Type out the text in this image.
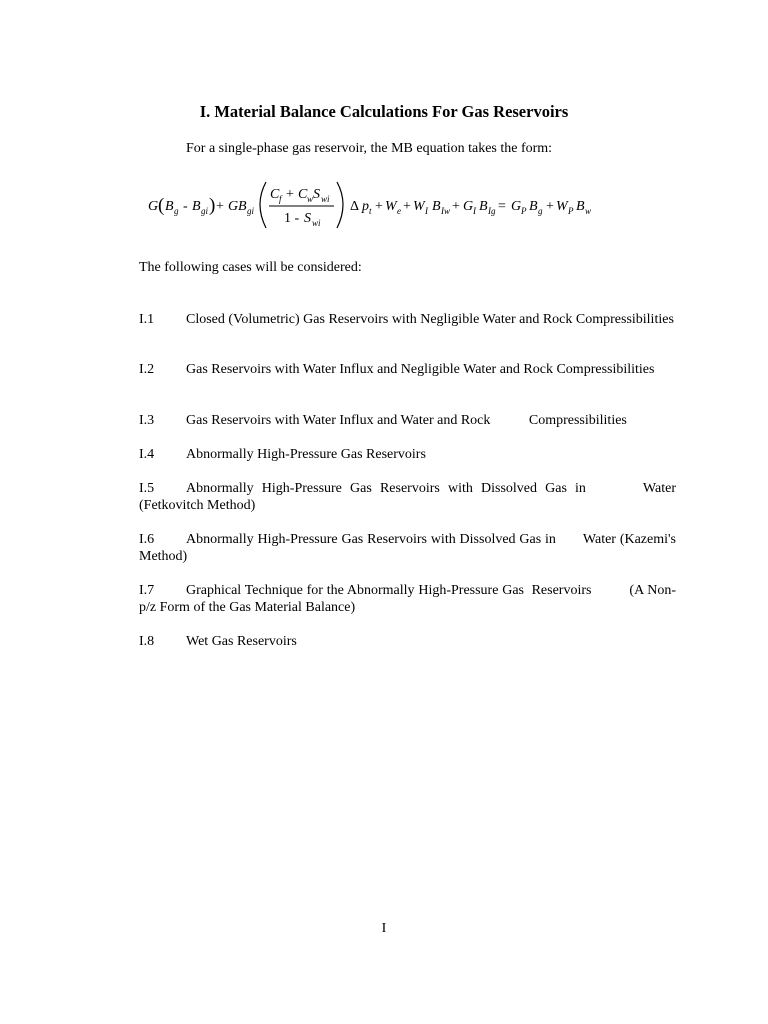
I. Material Balance Calculations For Gas Reservoirs
For a single-phase gas reservoir, the MB equation takes the form:
G ( B g - B gi ) + G B gi
C f + C w S wi
1 - S wi
Δ p t + W e + W I B Iw + G I B Ig = G P B g + W P B w
The following cases will be considered:
I.1	Closed (Volumetric) Gas Reservoirs with Negligible Water and Rock Compressibilities
I.2	Gas Reservoirs with Water Influx and Negligible Water and Rock Compressibilities
I.3	Gas Reservoirs with Water Influx and Water and Rock           Compressibilities
I.4	Abnormally High-Pressure Gas Reservoirs
I.5	Abnormally High-Pressure Gas Reservoirs with Dissolved Gas in       Water (Fetkovitch Method)
I.6	Abnormally High-Pressure Gas Reservoirs with Dissolved Gas in       Water (Kazemi's Method)
I.7	Graphical Technique for the Abnormally High-Pressure Gas  Reservoirs          (A Non-p/z Form of the Gas Material Balance)
I.8	Wet Gas Reservoirs
I
